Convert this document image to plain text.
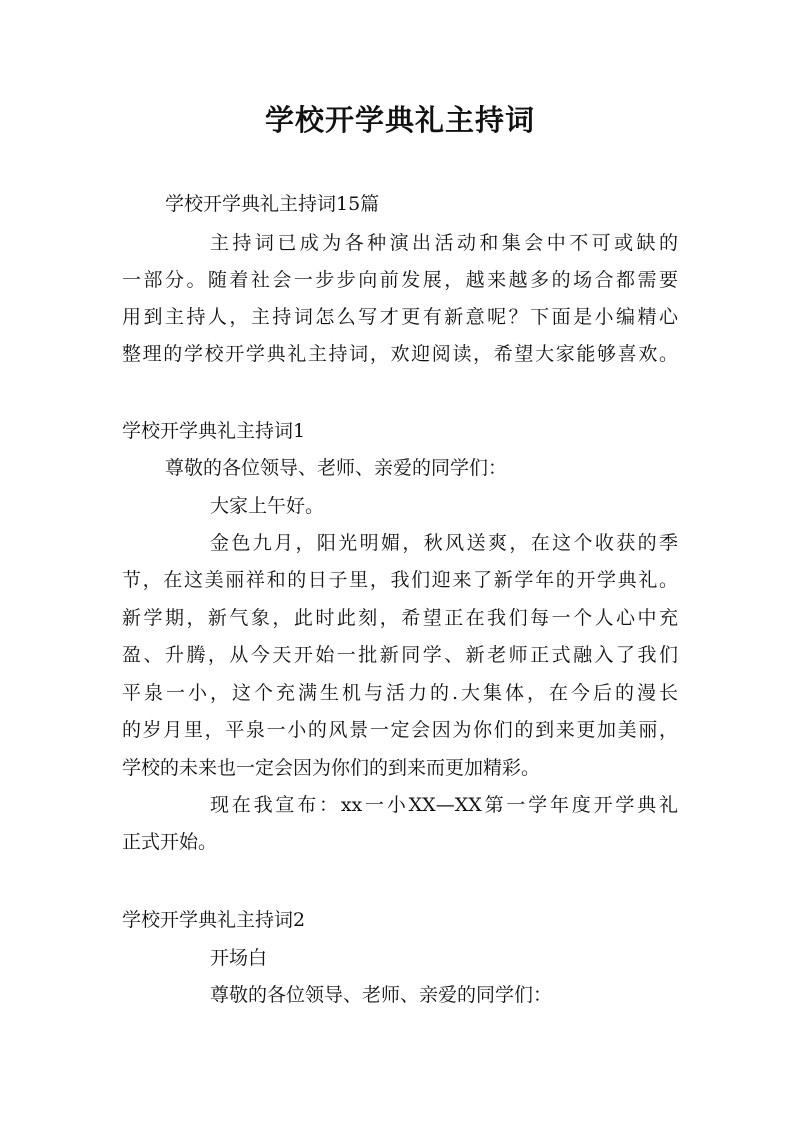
学校开学典礼主持词
学校开学典礼主持词15篇
主持词已成为各种演出活动和集会中不可或缺的
一部分。随着社会一步步向前发展，越来越多的场合都需要
用到主持人，主持词怎么写才更有新意呢？下面是小编精心
整理的学校开学典礼主持词，欢迎阅读，希望大家能够喜欢。
学校开学典礼主持词1
尊敬的各位领导、老师、亲爱的同学们：
大家上午好。
金色九月，阳光明媚，秋风送爽，在这个收获的季
节，在这美丽祥和的日子里，我们迎来了新学年的开学典礼。
新学期，新气象，此时此刻，希望正在我们每一个人心中充
盈、升腾，从今天开始一批新同学、新老师正式融入了我们
平泉一小，这个充满生机与活力的.大集体，在今后的漫长
的岁月里，平泉一小的风景一定会因为你们的到来更加美丽，
学校的未来也一定会因为你们的到来而更加精彩。
现在我宣布：xx一小XX—XX第一学年度开学典礼
正式开始。
学校开学典礼主持词2
开场白
尊敬的各位领导、老师、亲爱的同学们：
